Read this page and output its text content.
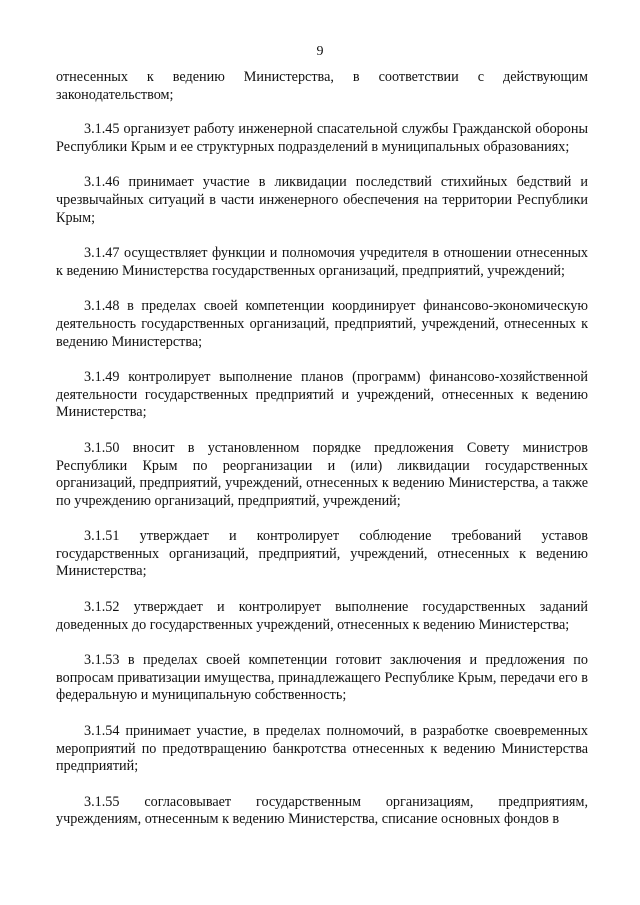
9

отнесенных к ведению Министерства, в соответствии с действующим законодательством;

3.1.45 организует работу инженерной спасательной службы Гражданской обороны Республики Крым и ее структурных подразделений в муниципальных образованиях;

3.1.46 принимает участие в ликвидации последствий стихийных бедствий и чрезвычайных ситуаций в части инженерного обеспечения на территории Республики Крым;

3.1.47 осуществляет функции и полномочия учредителя в отношении отнесенных к ведению Министерства государственных организаций, предприятий, учреждений;

3.1.48 в пределах своей компетенции координирует финансово-экономическую деятельность государственных организаций, предприятий, учреждений, отнесенных к ведению Министерства;

3.1.49 контролирует выполнение планов (программ) финансово-хозяйственной деятельности государственных предприятий и учреждений, отнесенных к ведению Министерства;

3.1.50 вносит в установленном порядке предложения Совету министров Республики Крым по реорганизации и (или) ликвидации государственных организаций, предприятий, учреждений, отнесенных к ведению Министерства, а также по учреждению организаций, предприятий, учреждений;

3.1.51 утверждает и контролирует соблюдение требований уставов государственных организаций, предприятий, учреждений, отнесенных к ведению Министерства;

3.1.52 утверждает и контролирует выполнение государственных заданий доведенных до государственных учреждений, отнесенных к ведению Министерства;

3.1.53 в пределах своей компетенции готовит заключения и предложения по вопросам приватизации имущества, принадлежащего Республике Крым, передачи его в федеральную и муниципальную собственность;

3.1.54 принимает участие, в пределах полномочий, в разработке своевременных мероприятий по предотвращению банкротства отнесенных к ведению Министерства предприятий;

3.1.55 согласовывает государственным организациям, предприятиям, учреждениям, отнесенным к ведению Министерства, списание основных фондов в
